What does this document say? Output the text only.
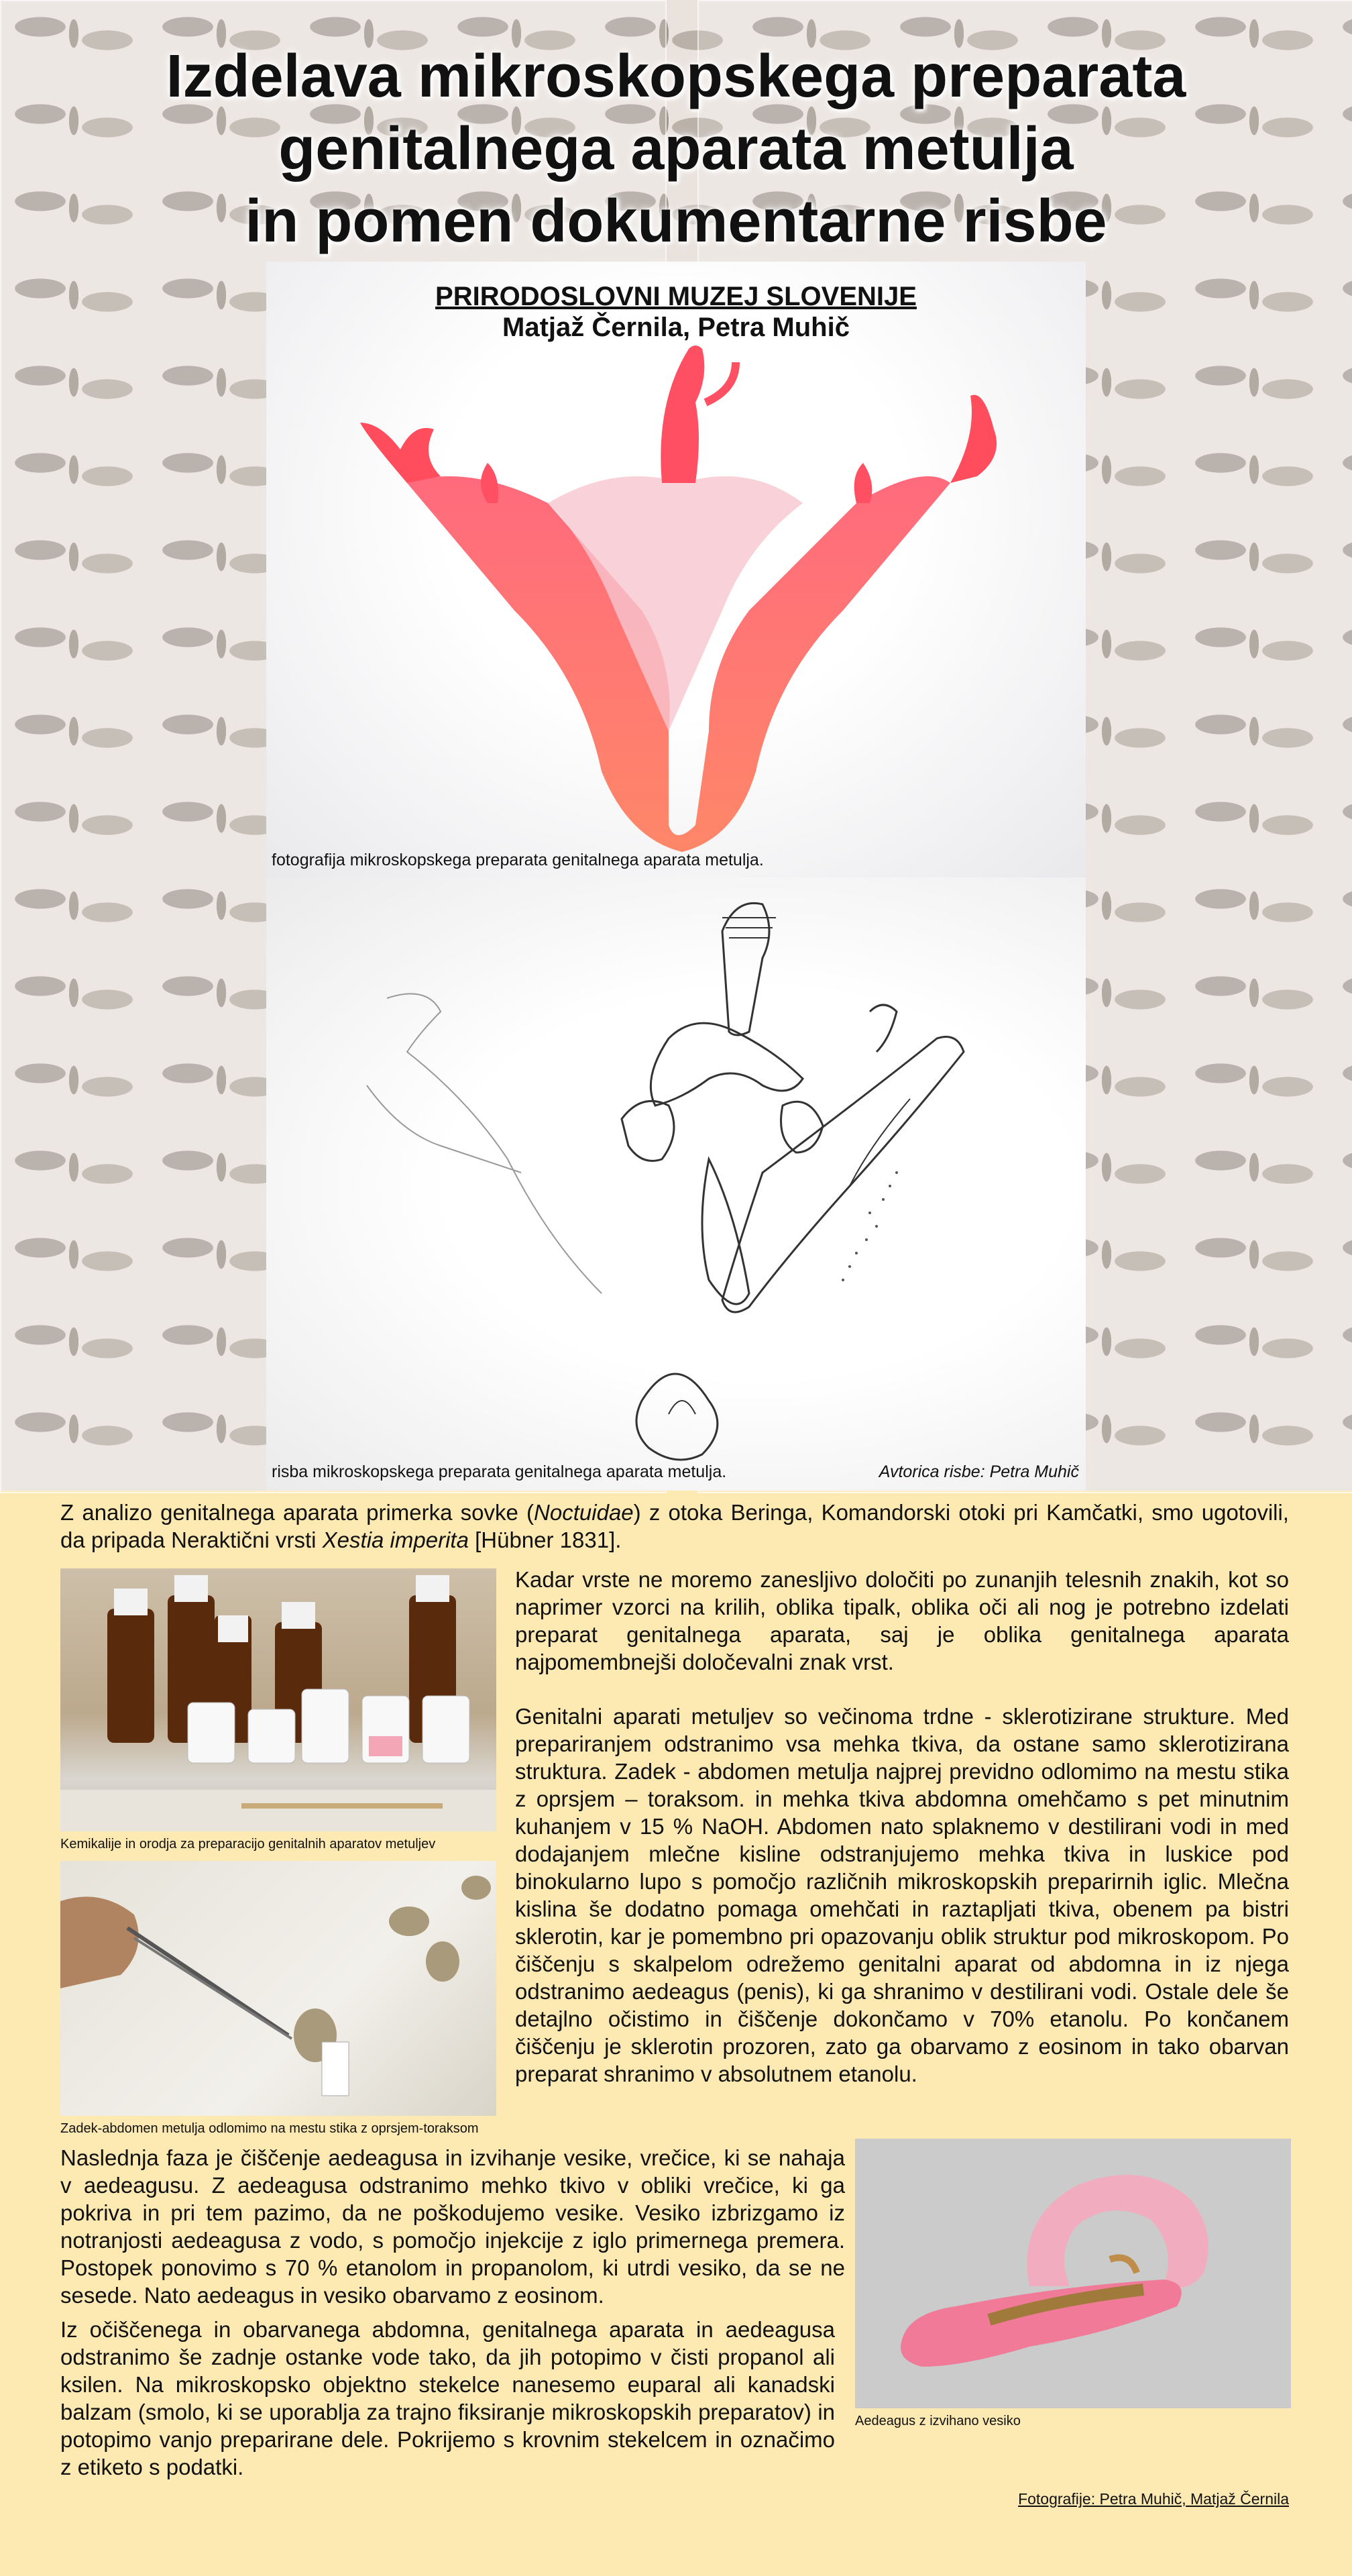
Izdelava mikroskopskega preparata
genitalnega aparata metulja
in pomen dokumentarne risbe
PRIRODOSLOVNI MUZEJ SLOVENIJE
Matjaž Černila, Petra Muhič
fotografija mikroskopskega preparata genitalnega aparata metulja.
risba mikroskopskega preparata genitalnega aparata metulja.	Avtorica risbe: Petra Muhič
Z analizo genitalnega aparata primerka sovke (Noctuidae) z otoka Beringa, Komandorski otoki pri Kamčatki, smo ugotovili, da pripada Neraktični vrsti Xestia imperita [Hübner 1831].
Kemikalije in orodja za preparacijo genitalnih aparatov metuljev
Zadek-abdomen metulja odlomimo na mestu stika z oprsjem-toraksom
Kadar vrste ne moremo zanesljivo določiti po zunanjih telesnih znakih, kot so naprimer vzorci na krilih, oblika tipalk, oblika oči ali nog je potrebno izdelati preparat genitalnega aparata, saj je oblika genitalnega aparata najpomembnejši določevalni znak vrst.
Genitalni aparati metuljev so večinoma trdne - sklerotizirane strukture. Med prepariranjem odstranimo vsa mehka tkiva, da ostane samo sklerotizirana struktura. Zadek - abdomen metulja najprej previdno odlomimo na mestu stika z oprsjem – toraksom. in mehka tkiva abdomna omehčamo s pet minutnim kuhanjem v 15 % NaOH. Abdomen nato splaknemo v destilirani vodi in med dodajanjem mlečne kisline odstranjujemo mehka tkiva in luskice pod binokularno lupo s pomočjo različnih mikroskopskih preparirnih iglic. Mlečna kislina še dodatno pomaga omehčati in raztapljati tkiva, obenem pa bistri sklerotin, kar je pomembno pri opazovanju oblik struktur pod mikroskopom. Po čiščenju s skalpelom odrežemo genitalni aparat od abdomna in iz njega odstranimo aedeagus (penis), ki ga shranimo v destilirani vodi. Ostale dele še detajlno očistimo in čiščenje dokončamo v 70% etanolu. Po končanem čiščenju je sklerotin prozoren, zato ga obarvamo z eosinom in tako obarvan preparat shranimo v absolutnem etanolu.
Naslednja faza je čiščenje aedeagusa in izvihanje vesike, vrečice, ki se nahaja v aedeagusu. Z aedeagusa odstranimo mehko tkivo v obliki vrečice, ki ga pokriva in pri tem pazimo, da ne poškodujemo vesike. Vesiko izbrizgamo iz notranjosti aedeagusa z vodo, s pomočjo injekcije z iglo primernega premera. Postopek ponovimo s 70 % etanolom in propanolom, ki utrdi vesiko, da se ne sesede. Nato aedeagus in vesiko obarvamo z eosinom.
Iz očiščenega in obarvanega abdomna, genitalnega aparata in aedeagusa odstranimo še zadnje ostanke vode tako, da jih potopimo v čisti propanol ali ksilen. Na mikroskopsko objektno stekelce nanesemo euparal ali kanadski balzam (smolo, ki se uporablja za trajno fiksiranje mikroskopskih preparatov) in potopimo vanjo preparirane dele. Pokrijemo s krovnim stekelcem in označimo z etiketo s podatki.
Aedeagus z izvihano vesiko
Fotografije: Petra Muhič, Matjaž Černila
